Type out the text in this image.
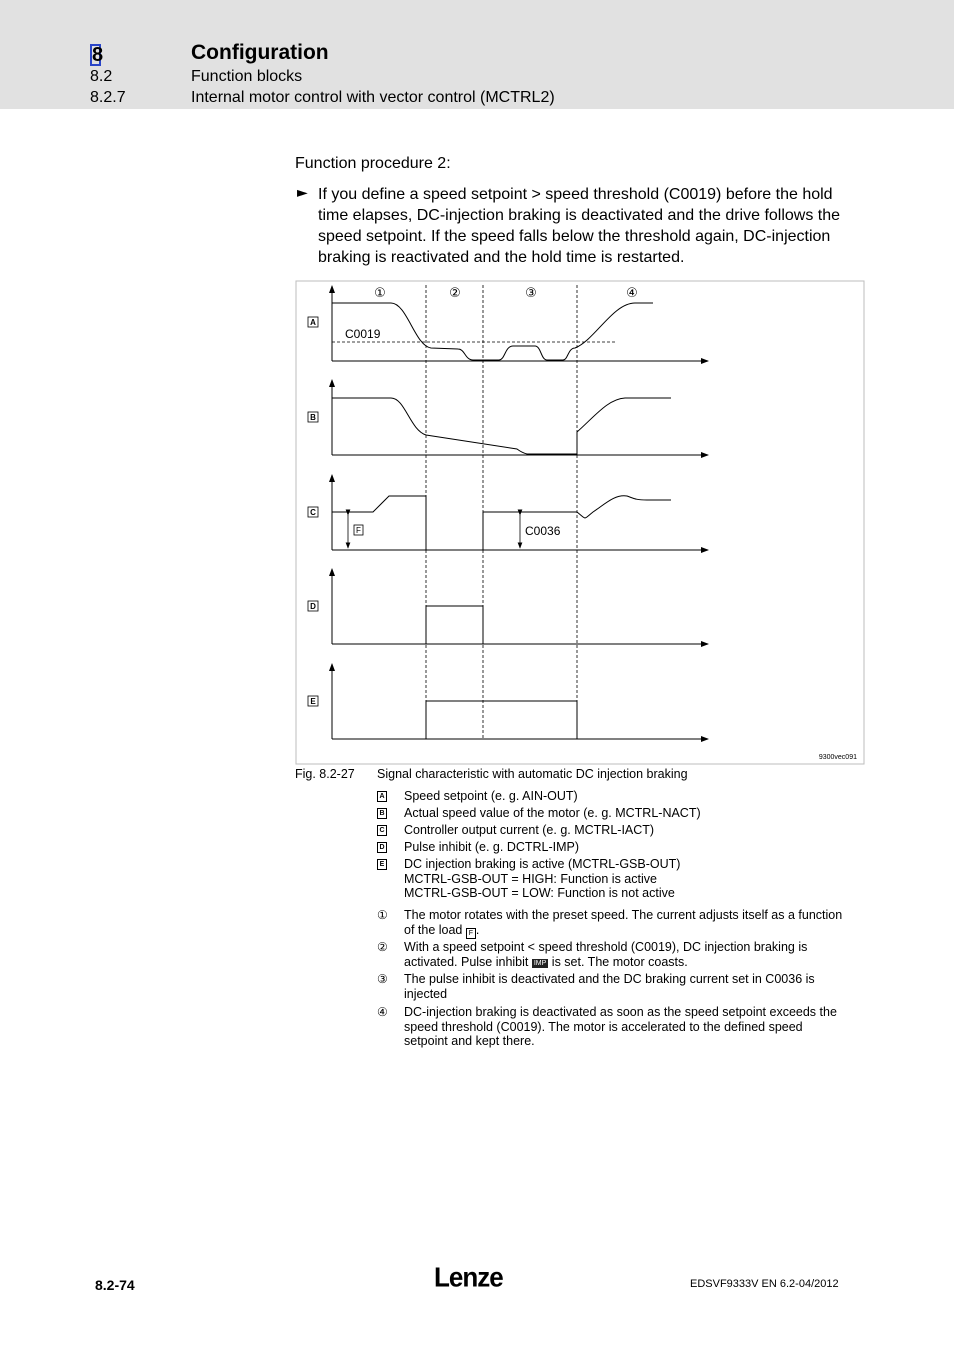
8	Configuration
8.2	Function blocks
8.2.7	Internal motor control with vector control (MCTRL2)
Function procedure 2:
► If you define a speed setpoint > speed threshold (C0019) before the hold time elapses, DC-injection braking is deactivated and the drive follows the speed setpoint. If the speed falls below the threshold again, DC-injection braking is reactivated and the hold time is restarted.
①	②	③	④
A
B
C
D
E
C0019
F	C0036
9300vec091
Fig. 8.2-27 Signal characteristic with automatic DC injection braking
A	Speed setpoint (e. g. AIN-OUT)
B	Actual speed value of the motor (e. g. MCTRL-NACT)
C	Controller output current (e. g. MCTRL-IACT)
D	Pulse inhibit (e. g. DCTRL-IMP)
E	DC injection braking is active (MCTRL-GSB-OUT)
MCTRL-GSB-OUT = HIGH: Function is active
MCTRL-GSB-OUT = LOW: Function is not active
①	The motor rotates with the preset speed. The current adjusts itself as a function of the load F .
②	With a speed setpoint < speed threshold (C0019), DC injection braking is activated. Pulse inhibit IMP is set. The motor coasts.
③	The pulse inhibit is deactivated and the DC braking current set in C0036 is injected
④	DC-injection braking is deactivated as soon as the speed setpoint exceeds the speed threshold (C0019). The motor is accelerated to the defined speed setpoint and kept there.
8.2-74	Lenze	EDSVF9333V EN 6.2-04/2012
